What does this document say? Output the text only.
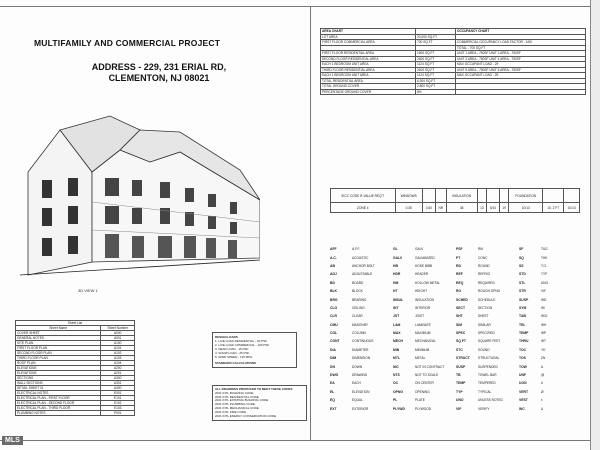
MULTIFAMILY AND COMMERCIAL PROJECT
ADDRESS - 229, 231 ERIAL RD,
CLEMENTON, NJ 08021
3D VIEW 1
AREA CHART		OCCUPANCY CHART
LOT AREA	20,000 SQ.FT	
FIRST FLOOR COMMERCIAL AREA	700 SQ.FT	COMMERCIAL OCCUPANCY LOAD FACTOR - 1/60
		TOTAL - 700 SQ.FT
FIRST FLOOR RESIDENTIAL AREA	1500 SQ.FT	UNIT 1 AREA - 750SF UNIT 2 AREA - 750SF
SECOND FLOOR RESIDENTIAL AREA	2400 SQ.FT	UNIT 3 AREA - 750SF UNIT 4 AREA - 750SF
EACH 1 BEDROOM UNIT AREA	1124 SQ.FT	MAX OCCUPANT LOAD - 29
THIRD FLOOR RESIDENTIAL AREA	2400 SQ.FT	UNIT 5 AREA - 750SF UNIT 6 AREA - 750SF
EACH 1 BEDROOM UNIT AREA	1124 SQ.FT	MAX OCCUPANT LOAD - 29
TOTAL RESIDENTIAL AREA	6,300 SQ.FT	
TOTAL GROUND COVER	2,800 SQ.FT	
PERCENTAGE GROUND COVER	8%	
IECC CODE R-VALUE REQ'T	WINDOWS			INSULATION				FOUNDATION		
ZONE 4	0.35	0.60	NR	38	13	5/10	19	10/13	10, 2 FT	10/13
AFF	A.F.F.	GL	GALV	PSF	RM	SF	T&G
A.C.	ACOUSTIC	GALV	GALVANIZED	PT	CONC	SQ	THK
AB	ANCHOR BOLT	HB	HOSE BIBB	RD	ROUND	SS	T.O.
ADJ	ADJUSTABLE	HDR	HEADER	REF	REFRIG	STD	TYP
BD	BOARD	HM	HOLLOW METAL	REQ	REQUIRED	STL	UNO
BLK	BLOCK	HT	HEIGHT	RO	ROUGH OPNG	STR	VIF
BRG	BEARING	INSUL	INSULATION	SCHED	SCHEDULE	SUSP	WD
CLG	CEILING	INT	INTERIOR	SECT	SECTION	SYM	W/
CLR	CLEAR	JST	JOIST	SHT	SHEET	T&B	W/O
CMU	MASONRY	LAM	LAMINATE	SIM	SIMILAR	TEL	WH
COL	COLUMN	MAX	MAXIMUM	SPEC	SPECIFIED	TEMP	WP
CONT	CONTINUOUS	MECH	MECHANICAL	SQ FT	SQUARE FEET	THRU	WT
DIA	DIAMETER	MIN	MINIMUM	STC	SOUND	TOC	YD
DIM	DIMENSION	MTL	METAL	STRUCT	STRUCTURAL	TOS	ZN
DN	DOWN	NIC	NOT IN CONTRACT	SUSP	SUSPENDED	TOW	&
DWG	DRAWING	NTS	NOT TO SCALE	TB	TOWEL BAR	UNF	@
EA	EACH	OC	ON CENTER	TEMP	TEMPERED	UON	#
EL	ELEVATION	OPNG	OPENING	TYP	TYPICAL	VERT	Ø
EQ	EQUAL	PL	PLATE	UNO	UNLESS NOTED	VEST	±
EXT	EXTERIOR	PLYWD	PLYWOOD	VIF	VERIFY	WC	Δ
Sheet List	
Sheet Name	Sheet Number
COVER SHEET	A000
GENERAL NOTES	A001
SITE PLAN	A100
FIRST FLOOR PLAN	A101
SECOND FLOOR PLAN	A102
THIRD FLOOR PLAN	A103
ROOF PLAN	A104
ELEVATIONS	A200
ELEVATIONS	A201
SECTIONS	A300
WALL SECTIONS	A301
DETAIL SHEET 01	A400
ELECTRICAL NOTES	E001
ELECTRICAL PLAN - FIRST FLOOR	E101
ELECTRICAL PLAN - SECOND FLOOR	E102
ELECTRICAL PLAN - THIRD FLOOR	E103
PLUMBING NOTES	P001
DESIGN LOADS
1. LIVE LOAD RESIDENTIAL - 40 PSF
2. LIVE LOAD COMMERCIAL - 100 PSF
3. DEAD LOAD - 15 PSF
4. SNOW LOAD - 25 PSF
5. WIND SPEED - 115 MPH
STANDARD CALCULATIONS
ALL DRAWINGS PRODUCED TO MEET THESE CODES
2021 INTL BUILDING CODE
2021 INTL RESIDENTIAL CODE
2021 INTL EXISTING BUILDING CODE
2021 INTL PLUMBING CODE
2021 INTL MECHANICAL CODE
2021 INTL FIRE CODE
2021 INTL ENERGY CONSERVATION CODE
MLS
